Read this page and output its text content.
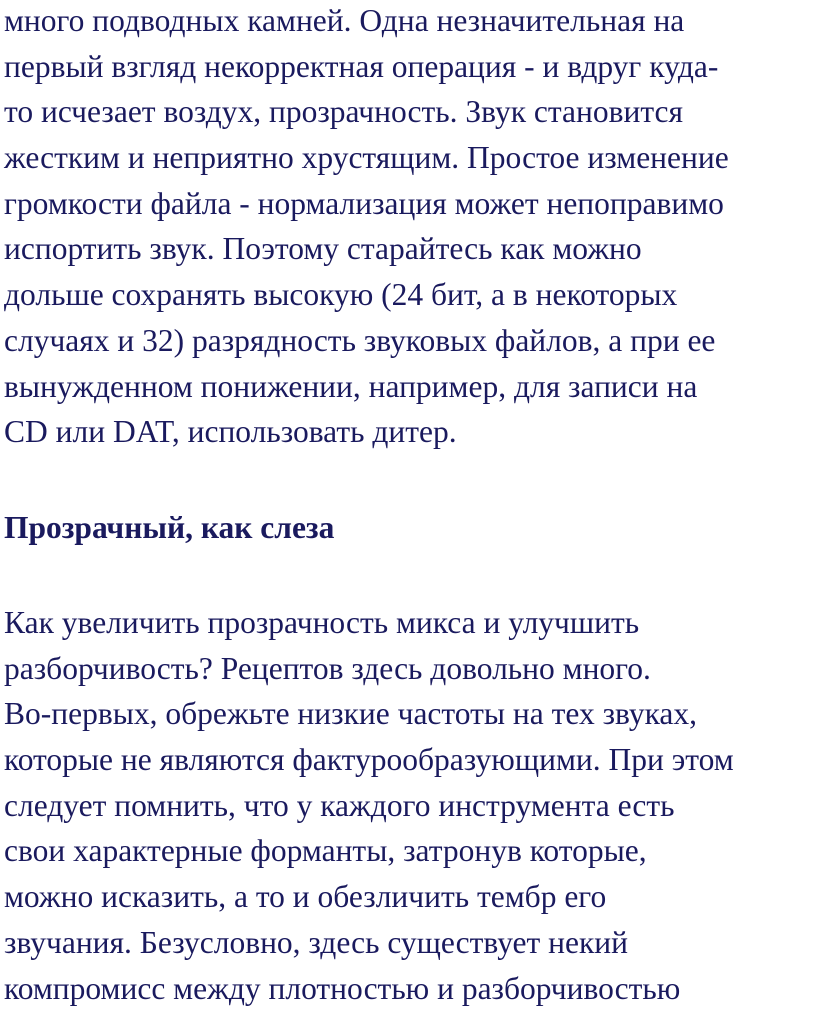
много подводных камней. Одна незначительная на
первый взгляд некорректная операция - и вдруг куда-
то исчезает воздух, прозрачность. Звук становится
жестким и неприятно хрустящим. Простое изменение
громкости файла - нормализация может непоправимо
испортить звук. Поэтому старайтесь как можно
дольше сохранять высокую (24 бит, а в некоторых
случаях и 32) разрядность звуковых файлов, а при ее
вынужденном понижении, например, для записи на
CD или DAT, использовать дитер.
Как увеличить прозрачность микса и улучшить
разборчивость? Рецептов здесь довольно много.
Во-первых, обрежьте низкие частоты на тех звуках,
которые не являются фактурообразующими. При этом
следует помнить, что у каждого инструмента есть
свои характерные форманты, затронув которые,
можно исказить, а то и обезличить тембр его
звучания. Безусловно, здесь существует некий
компромисс между плотностью и разборчивостью
Прозрачный, как слеза
